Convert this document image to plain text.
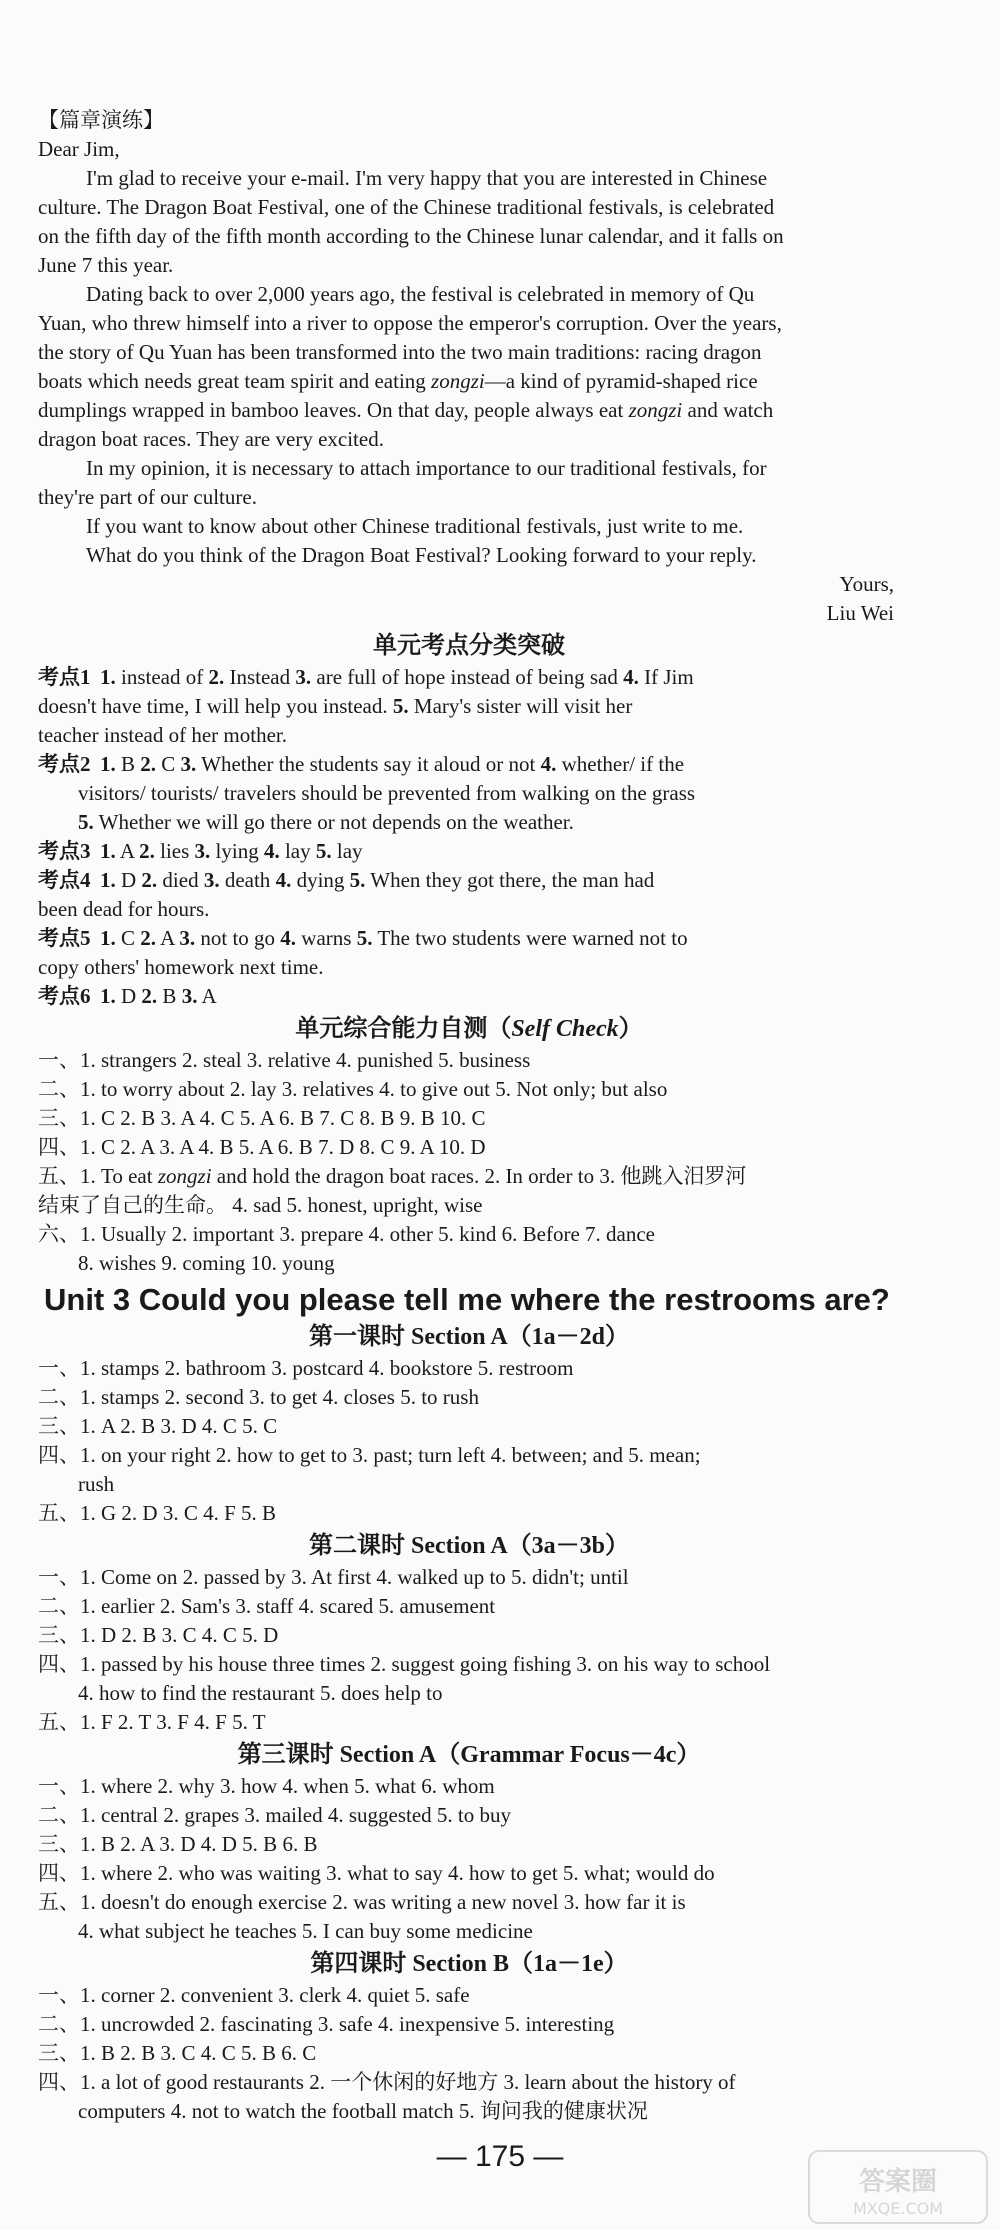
【篇章演练】
Dear Jim,
I'm glad to receive your e-mail. I'm very happy that you are interested in Chinese
culture. The Dragon Boat Festival, one of the Chinese traditional festivals, is celebrated
on the fifth day of the fifth month according to the Chinese lunar calendar, and it falls on
June 7 this year.
Dating back to over 2,000 years ago, the festival is celebrated in memory of Qu
Yuan, who threw himself into a river to oppose the emperor's corruption. Over the years,
the story of Qu Yuan has been transformed into the two main traditions: racing dragon
boats which needs great team spirit and eating zongzi—a kind of pyramid-shaped rice
dumplings wrapped in bamboo leaves. On that day, people always eat zongzi and watch
dragon boat races. They are very excited.
In my opinion, it is necessary to attach importance to our traditional festivals, for
they're part of our culture.
If you want to know about other Chinese traditional festivals, just write to me.
What do you think of the Dragon Boat Festival? Looking forward to your reply.
Yours,
Liu Wei
单元考点分类突破
考点1 1. instead of 2. Instead 3. are full of hope instead of being sad 4. If Jim
doesn't have time, I will help you instead. 5. Mary's sister will visit her
teacher instead of her mother.
考点2 1. B 2. C 3. Whether the students say it aloud or not 4. whether/ if the
visitors/ tourists/ travelers should be prevented from walking on the grass
5. Whether we will go there or not depends on the weather.
考点3 1. A 2. lies 3. lying 4. lay 5. lay
考点4 1. D 2. died 3. death 4. dying 5. When they got there, the man had
been dead for hours.
考点5 1. C 2. A 3. not to go 4. warns 5. The two students were warned not to
copy others' homework next time.
考点6 1. D 2. B 3. A
单元综合能力自测（Self Check）
一、1. strangers 2. steal 3. relative 4. punished 5. business
二、1. to worry about 2. lay 3. relatives 4. to give out 5. Not only; but also
三、1. C 2. B 3. A 4. C 5. A 6. B 7. C 8. B 9. B 10. C
四、1. C 2. A 3. A 4. B 5. A 6. B 7. D 8. C 9. A 10. D
五、1. To eat zongzi and hold the dragon boat races. 2. In order to 3. 他跳入汨罗河
结束了自己的生命。 4. sad 5. honest, upright, wise
六、1. Usually 2. important 3. prepare 4. other 5. kind 6. Before 7. dance
8. wishes 9. coming 10. young
Unit 3 Could you please tell me where the restrooms are?
第一课时 Section A（1a－2d）
一、1. stamps 2. bathroom 3. postcard 4. bookstore 5. restroom
二、1. stamps 2. second 3. to get 4. closes 5. to rush
三、1. A 2. B 3. D 4. C 5. C
四、1. on your right 2. how to get to 3. past; turn left 4. between; and 5. mean;
rush
五、1. G 2. D 3. C 4. F 5. B
第二课时 Section A（3a－3b）
一、1. Come on 2. passed by 3. At first 4. walked up to 5. didn't; until
二、1. earlier 2. Sam's 3. staff 4. scared 5. amusement
三、1. D 2. B 3. C 4. C 5. D
四、1. passed by his house three times 2. suggest going fishing 3. on his way to school
4. how to find the restaurant 5. does help to
五、1. F 2. T 3. F 4. F 5. T
第三课时 Section A（Grammar Focus－4c）
一、1. where 2. why 3. how 4. when 5. what 6. whom
二、1. central 2. grapes 3. mailed 4. suggested 5. to buy
三、1. B 2. A 3. D 4. D 5. B 6. B
四、1. where 2. who was waiting 3. what to say 4. how to get 5. what; would do
五、1. doesn't do enough exercise 2. was writing a new novel 3. how far it is
4. what subject he teaches 5. I can buy some medicine
第四课时 Section B（1a－1e）
一、1. corner 2. convenient 3. clerk 4. quiet 5. safe
二、1. uncrowded 2. fascinating 3. safe 4. inexpensive 5. interesting
三、1. B 2. B 3. C 4. C 5. B 6. C
四、1. a lot of good restaurants 2. 一个休闲的好地方 3. learn about the history of
computers 4. not to watch the football match 5. 询问我的健康状况
— 175 —
答案圈
MXQE.COM
